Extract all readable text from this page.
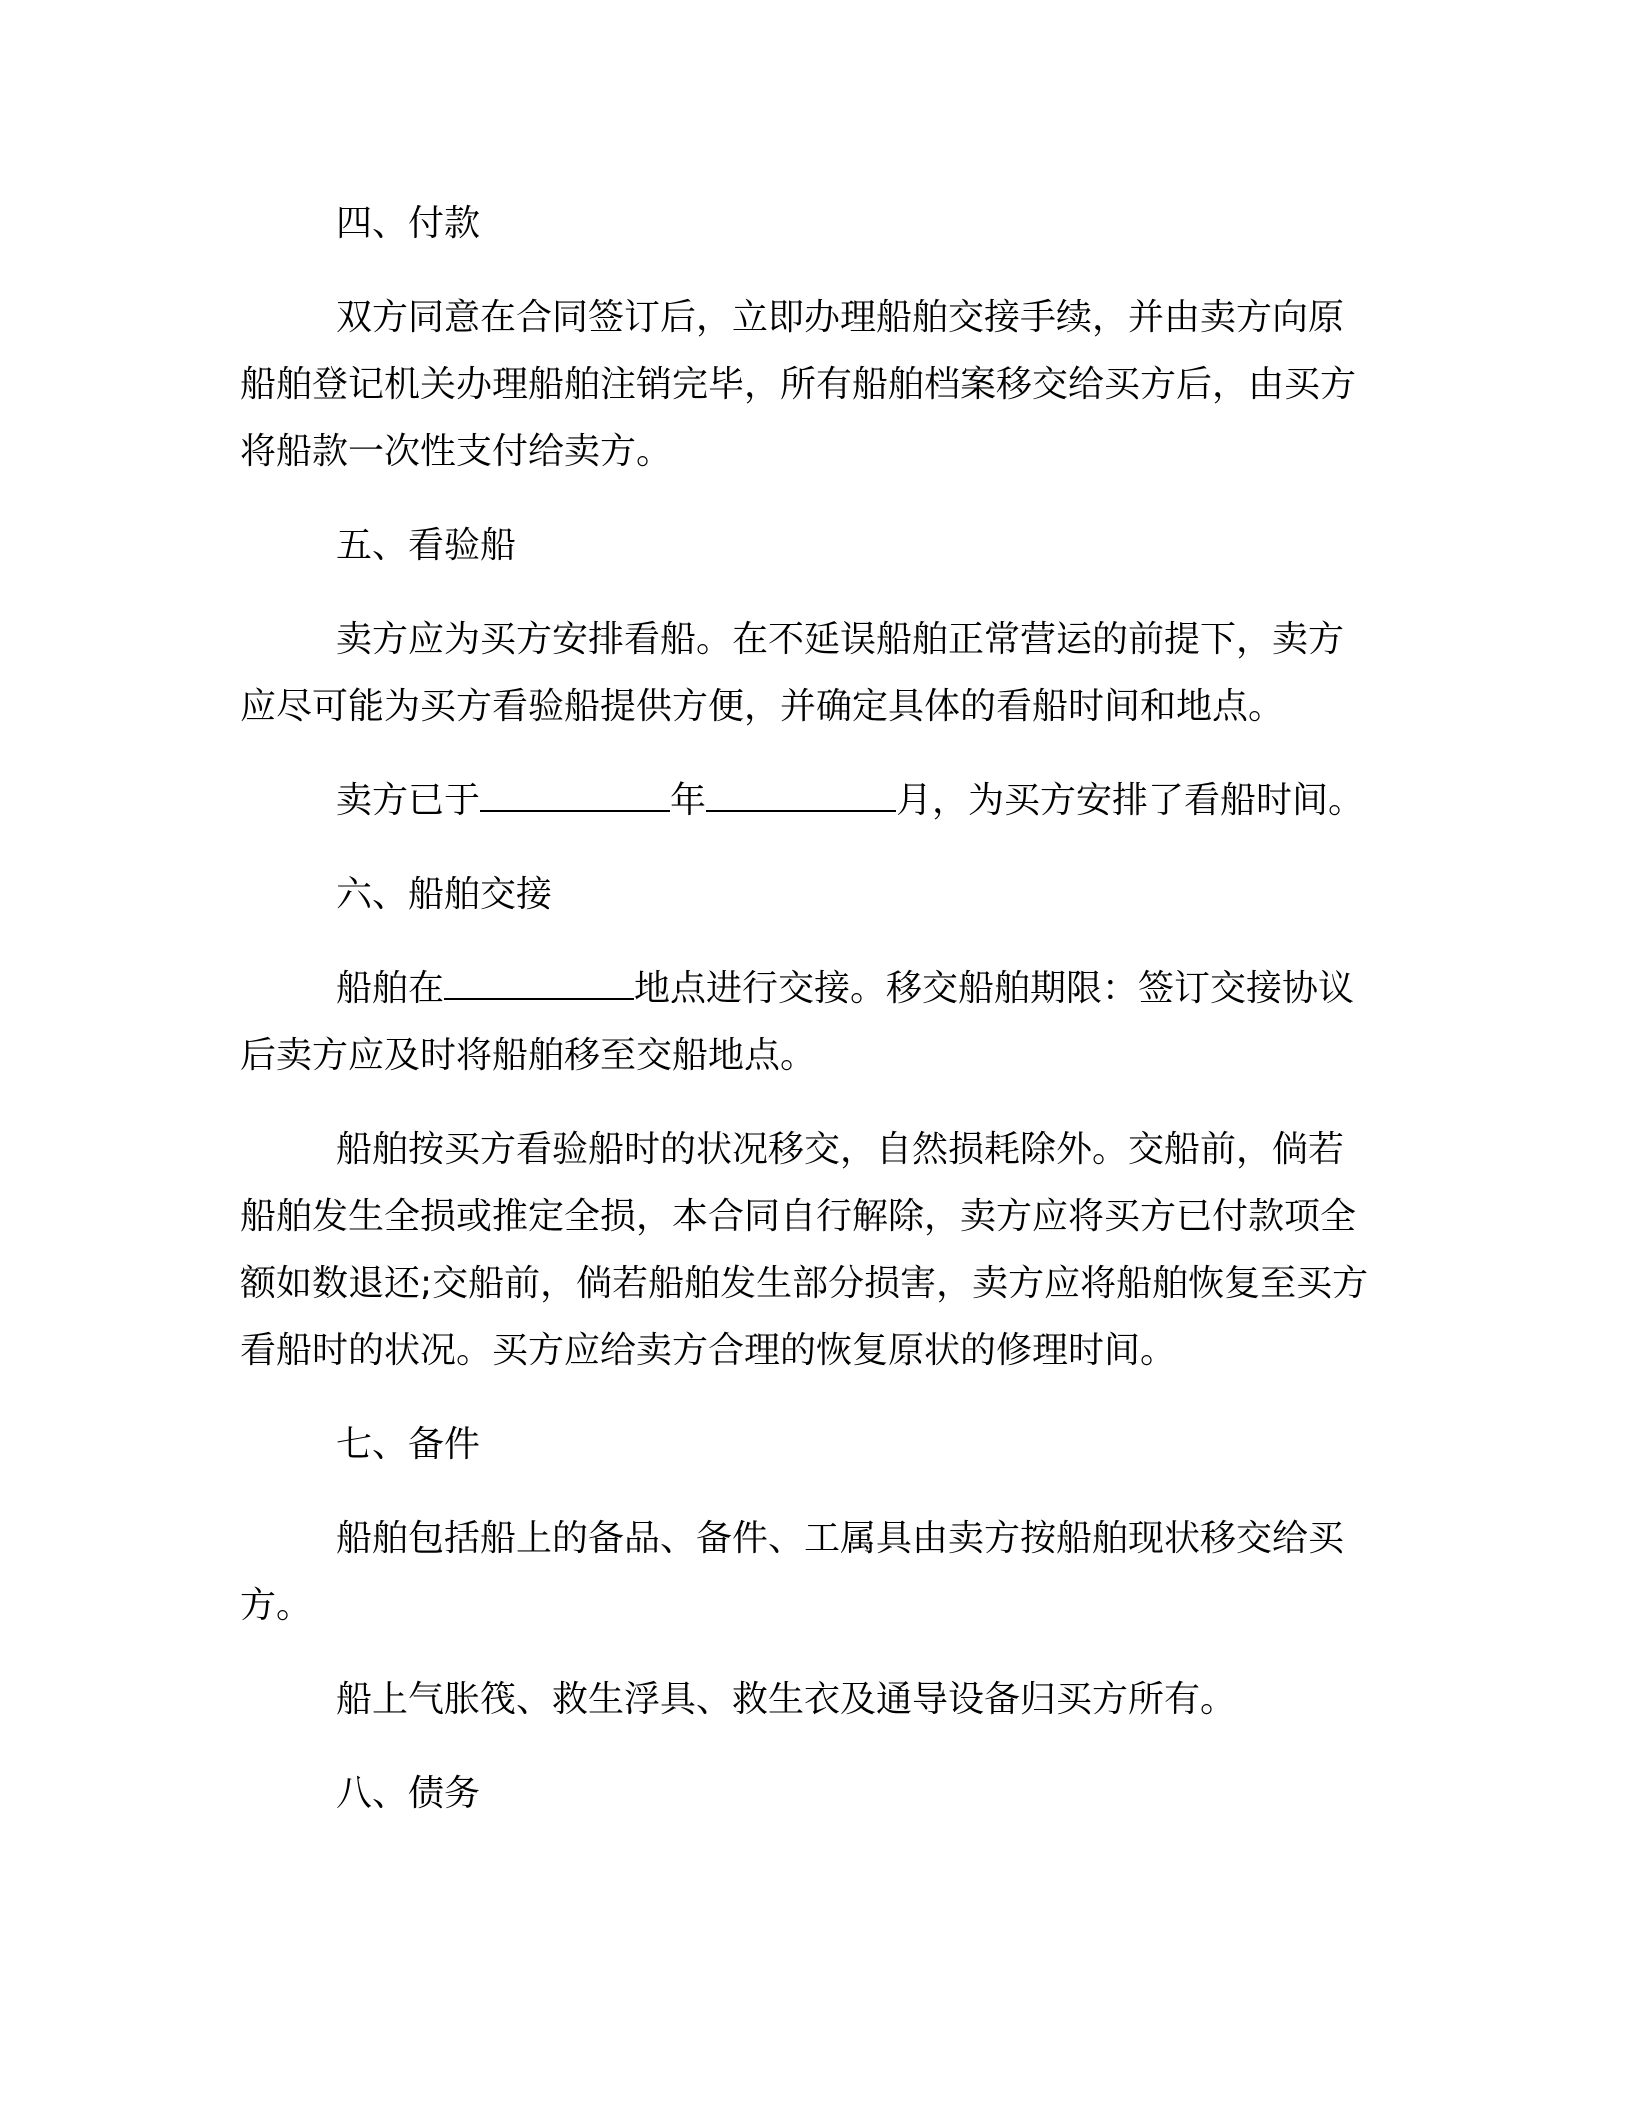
四、付款

双方同意在合同签订后，立即办理船舶交接手续，并由卖方向原船舶登记机关办理船舶注销完毕，所有船舶档案移交给买方后，由买方将船款一次性支付给卖方。

五、看验船

卖方应为买方安排看船。在不延误船舶正常营运的前提下，卖方应尽可能为买方看验船提供方便，并确定具体的看船时间和地点。

卖方已于	年	月，为买方安排了看船时间。

六、船舶交接

船舶在	地点进行交接。移交船舶期限：签订交接协议后卖方应及时将船舶移至交船地点。

船舶按买方看验船时的状况移交，自然损耗除外。交船前，倘若船舶发生全损或推定全损，本合同自行解除，卖方应将买方已付款项全额如数退还;交船前，倘若船舶发生部分损害，卖方应将船舶恢复至买方看船时的状况。买方应给卖方合理的恢复原状的修理时间。

七、备件

船舶包括船上的备品、备件、工属具由卖方按船舶现状移交给买方。

船上气胀筏、救生浮具、救生衣及通导设备归买方所有。

八、债务
